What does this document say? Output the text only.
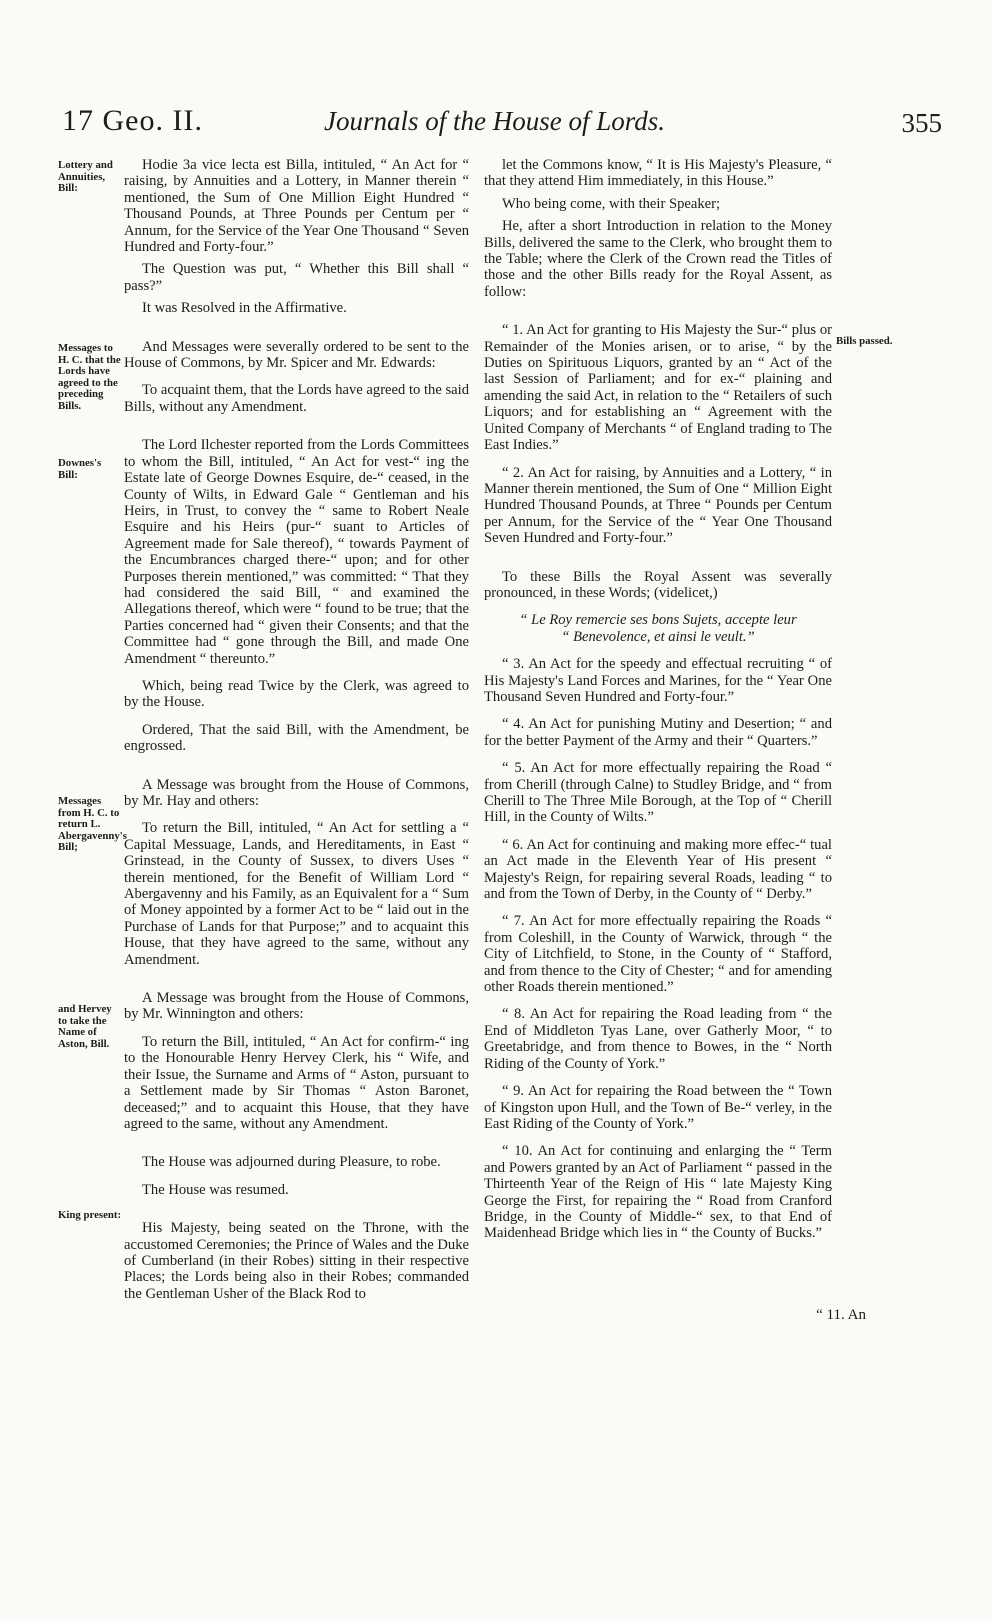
17 Geo. II.	Journals of the House of Lords.	355
Lottery and Annuities, Bill:
Messages to H. C. that the Lords have agreed to the preceding Bills.
Downes's Bill:
Messages from H. C. to return L. Abergavenny's Bill;
and Hervey to take the Name of Aston, Bill.
King present:
Bills passed.

Hodie 3a vice lecta est Billa, intituled, “ An Act for “ raising, by Annuities and a Lottery, in Manner therein “ mentioned, the Sum of One Million Eight Hundred “ Thousand Pounds, at Three Pounds per Centum per “ Annum, for the Service of the Year One Thousand “ Seven Hundred and Forty-four.”

The Question was put, “ Whether this Bill shall “ pass?”

It was Resolved in the Affirmative.

And Messages were severally ordered to be sent to the House of Commons, by Mr. Spicer and Mr. Edwards:

To acquaint them, that the Lords have agreed to the said Bills, without any Amendment.

The Lord Ilchester reported from the Lords Committees to whom the Bill, intituled, “ An Act for vest-“ ing the Estate late of George Downes Esquire, de-“ ceased, in the County of Wilts, in Edward Gale “ Gentleman and his Heirs, in Trust, to convey the “ same to Robert Neale Esquire and his Heirs (pur-“ suant to Articles of Agreement made for Sale thereof), “ towards Payment of the Encumbrances charged there-“ upon; and for other Purposes therein mentioned,” was committed: “ That they had considered the said Bill, “ and examined the Allegations thereof, which were “ found to be true; that the Parties concerned had “ given their Consents; and that the Committee had “ gone through the Bill, and made One Amendment “ thereunto.”

Which, being read Twice by the Clerk, was agreed to by the House.

Ordered, That the said Bill, with the Amendment, be engrossed.

A Message was brought from the House of Commons, by Mr. Hay and others:

To return the Bill, intituled, “ An Act for settling a “ Capital Messuage, Lands, and Hereditaments, in East “ Grinstead, in the County of Sussex, to divers Uses “ therein mentioned, for the Benefit of William Lord “ Abergavenny and his Family, as an Equivalent for a “ Sum of Money appointed by a former Act to be “ laid out in the Purchase of Lands for that Purpose;” and to acquaint this House, that they have agreed to the same, without any Amendment.

A Message was brought from the House of Commons, by Mr. Winnington and others:

To return the Bill, intituled, “ An Act for confirm-“ ing to the Honourable Henry Hervey Clerk, his “ Wife, and their Issue, the Surname and Arms of “ Aston, pursuant to a Settlement made by Sir Thomas “ Aston Baronet, deceased;” and to acquaint this House, that they have agreed to the same, without any Amendment.

The House was adjourned during Pleasure, to robe.

The House was resumed.

His Majesty, being seated on the Throne, with the accustomed Ceremonies; the Prince of Wales and the Duke of Cumberland (in their Robes) sitting in their respective Places; the Lords being also in their Robes; commanded the Gentleman Usher of the Black Rod to

let the Commons know, “ It is His Majesty's Pleasure, “ that they attend Him immediately, in this House.”

Who being come, with their Speaker;

He, after a short Introduction in relation to the Money Bills, delivered the same to the Clerk, who brought them to the Table; where the Clerk of the Crown read the Titles of those and the other Bills ready for the Royal Assent, as follow:

“ 1. An Act for granting to His Majesty the Sur-“ plus or Remainder of the Monies arisen, or to arise, “ by the Duties on Spirituous Liquors, granted by an “ Act of the last Session of Parliament; and for ex-“ plaining and amending the said Act, in relation to the “ Retailers of such Liquors; and for establishing an “ Agreement with the United Company of Merchants “ of England trading to The East Indies.”

“ 2. An Act for raising, by Annuities and a Lottery, “ in Manner therein mentioned, the Sum of One “ Million Eight Hundred Thousand Pounds, at Three “ Pounds per Centum per Annum, for the Service of the “ Year One Thousand Seven Hundred and Forty-four.”

To these Bills the Royal Assent was severally pronounced, in these Words; (videlicet,)

“ Le Roy remercie ses bons Sujets, accepte leur “ Benevolence, et ainsi le veult.”

“ 3. An Act for the speedy and effectual recruiting “ of His Majesty's Land Forces and Marines, for the “ Year One Thousand Seven Hundred and Forty-four.”

“ 4. An Act for punishing Mutiny and Desertion; “ and for the better Payment of the Army and their “ Quarters.”

“ 5. An Act for more effectually repairing the Road “ from Cherill (through Calne) to Studley Bridge, and “ from Cherill to The Three Mile Borough, at the Top of “ Cherill Hill, in the County of Wilts.”

“ 6. An Act for continuing and making more effec-“ tual an Act made in the Eleventh Year of His present “ Majesty's Reign, for repairing several Roads, leading “ to and from the Town of Derby, in the County of “ Derby.”

“ 7. An Act for more effectually repairing the Roads “ from Coleshill, in the County of Warwick, through “ the City of Litchfield, to Stone, in the County of “ Stafford, and from thence to the City of Chester; “ and for amending other Roads therein mentioned.”

“ 8. An Act for repairing the Road leading from “ the End of Middleton Tyas Lane, over Gatherly Moor, “ to Greetabridge, and from thence to Bowes, in the “ North Riding of the County of York.”

“ 9. An Act for repairing the Road between the “ Town of Kingston upon Hull, and the Town of Be-“ verley, in the East Riding of the County of York.”

“ 10. An Act for continuing and enlarging the “ Term and Powers granted by an Act of Parliament “ passed in the Thirteenth Year of the Reign of His “ late Majesty King George the First, for repairing the “ Road from Cranford Bridge, in the County of Middle-“ sex, to that End of Maidenhead Bridge which lies in “ the County of Bucks.”

“ 11. An
